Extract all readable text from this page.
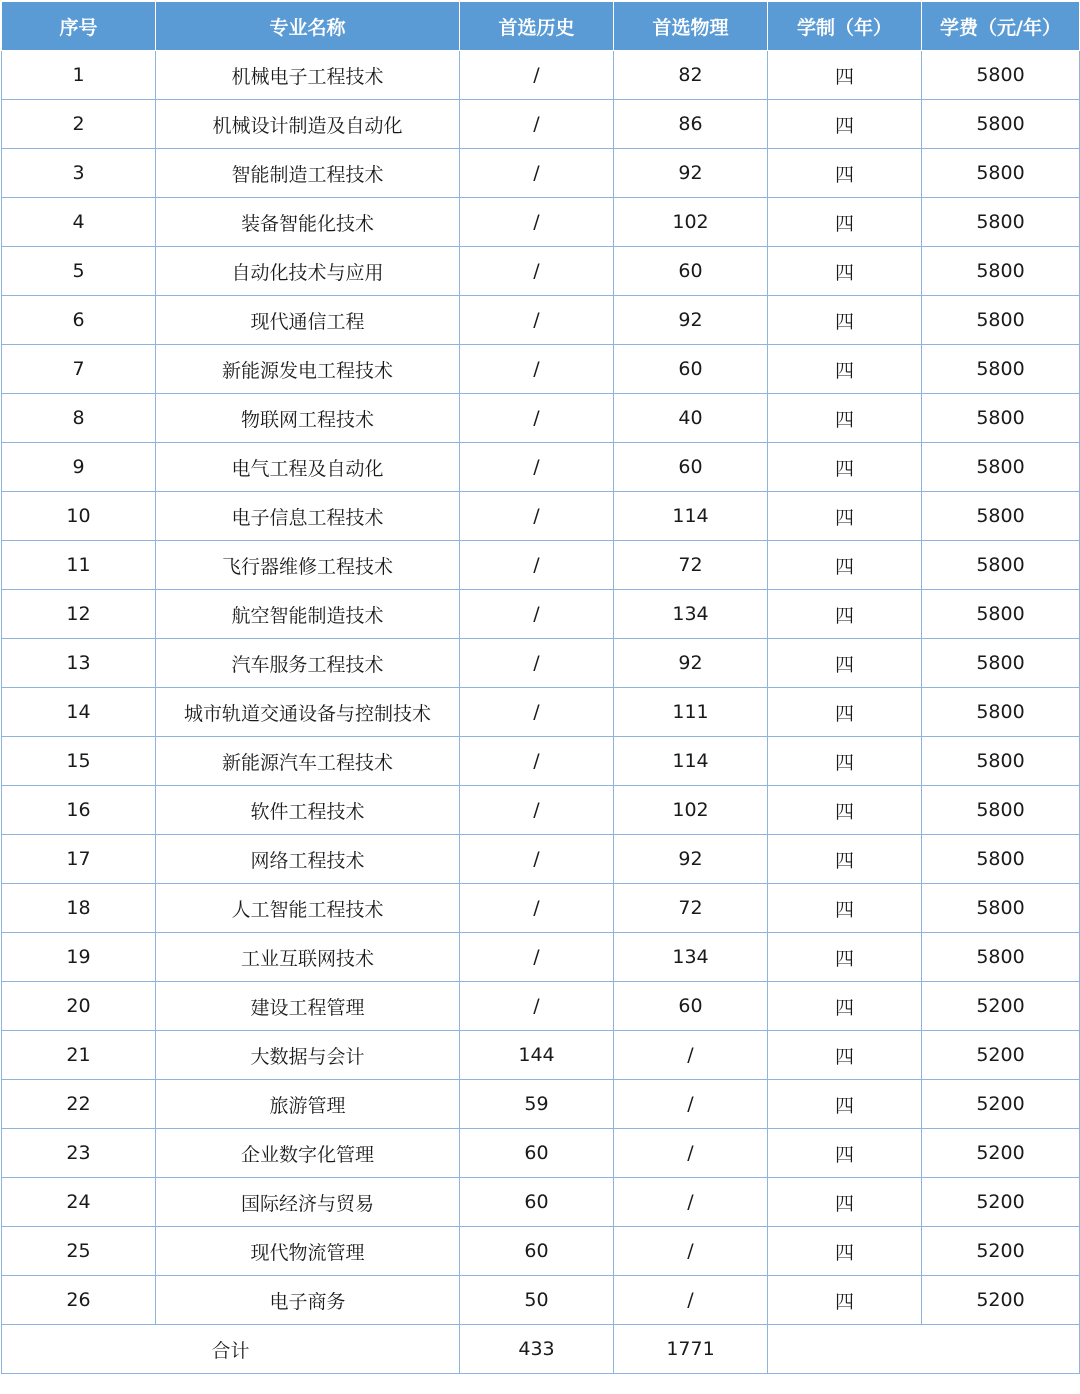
序号	专业名称	首选历史	首选物理	学制（年）	学费（元/年）
1	机械电子工程技术	/	82	四	5800
2	机械设计制造及自动化	/	86	四	5800
3	智能制造工程技术	/	92	四	5800
4	装备智能化技术	/	102	四	5800
5	自动化技术与应用	/	60	四	5800
6	现代通信工程	/	92	四	5800
7	新能源发电工程技术	/	60	四	5800
8	物联网工程技术	/	40	四	5800
9	电气工程及自动化	/	60	四	5800
10	电子信息工程技术	/	114	四	5800
11	飞行器维修工程技术	/	72	四	5800
12	航空智能制造技术	/	134	四	5800
13	汽车服务工程技术	/	92	四	5800
14	城市轨道交通设备与控制技术	/	111	四	5800
15	新能源汽车工程技术	/	114	四	5800
16	软件工程技术	/	102	四	5800
17	网络工程技术	/	92	四	5800
18	人工智能工程技术	/	72	四	5800
19	工业互联网技术	/	134	四	5800
20	建设工程管理	/	60	四	5200
21	大数据与会计	144	/	四	5200
22	旅游管理	59	/	四	5200
23	企业数字化管理	60	/	四	5200
24	国际经济与贸易	60	/	四	5200
25	现代物流管理	60	/	四	5200
26	电子商务	50	/	四	5200
合计		433	1771		
